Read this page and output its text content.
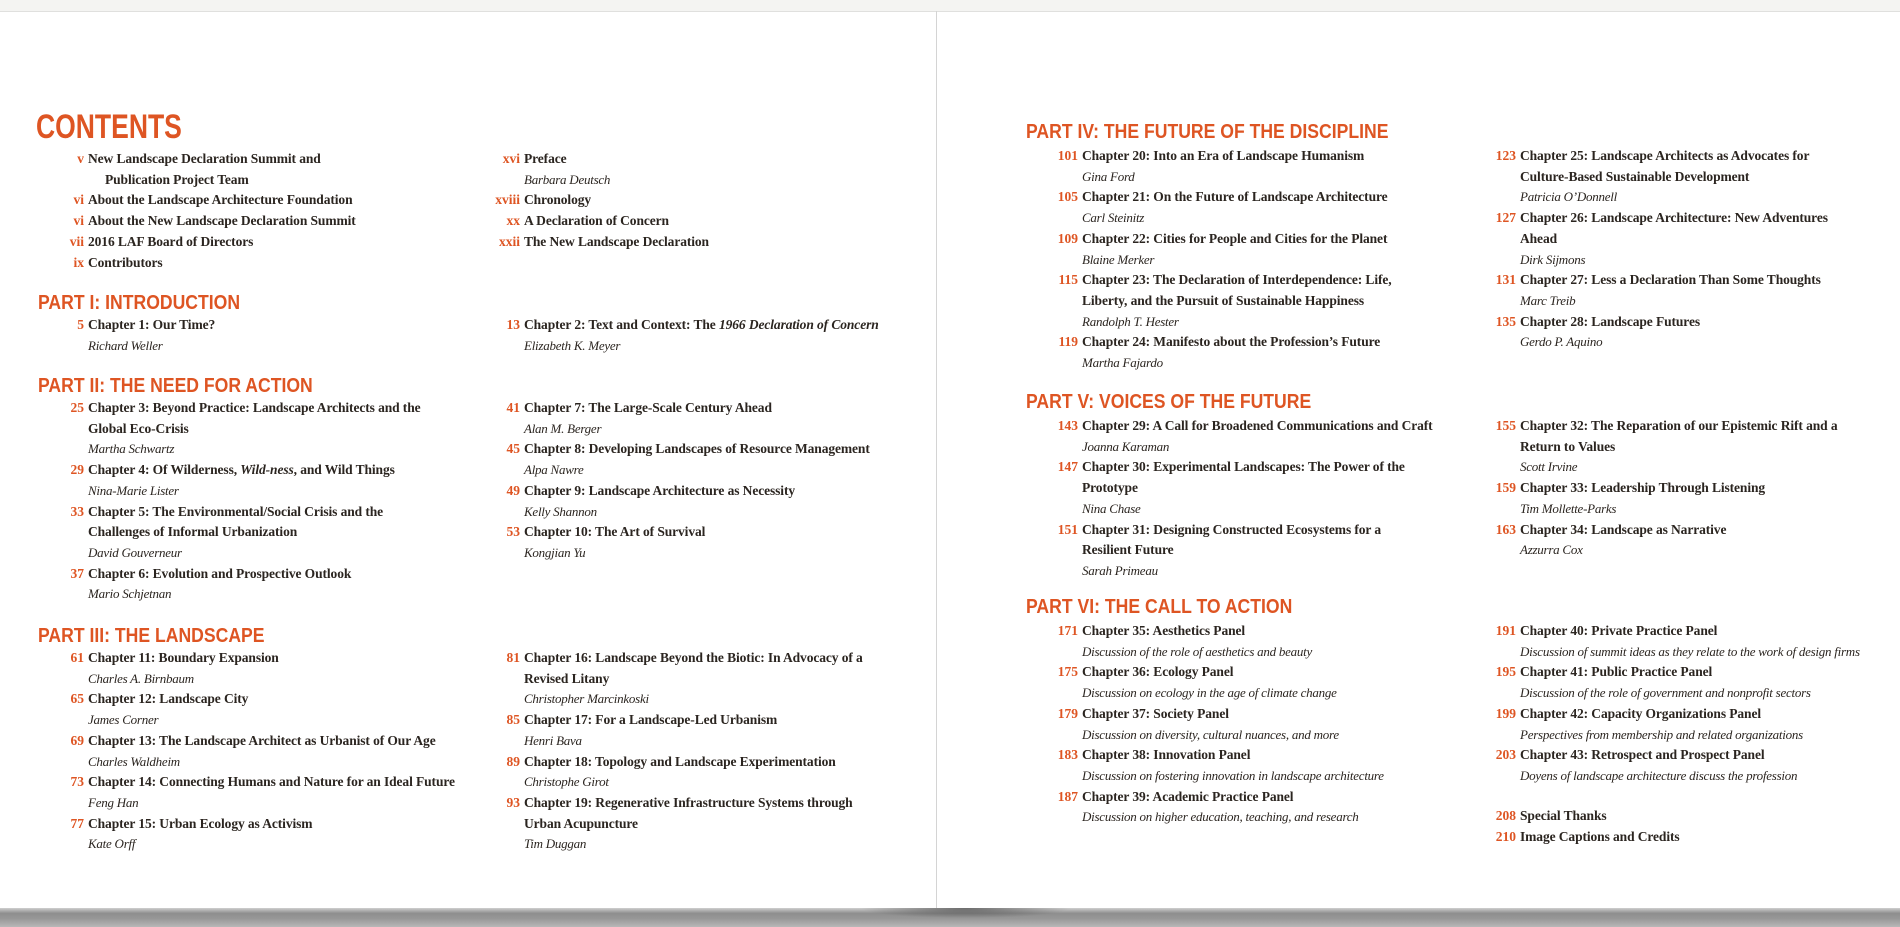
CONTENTS
v New Landscape Declaration Summit and
Publication Project Team
vi About the Landscape Architecture Foundation
vi About the New Landscape Declaration Summit
vii 2016 LAF Board of Directors
ix Contributors
xvi Preface
Barbara Deutsch
xviii Chronology
xx A Declaration of Concern
xxii The New Landscape Declaration
PART I: INTRODUCTION
5 Chapter 1: Our Time?
Richard Weller
13 Chapter 2: Text and Context: The 1966 Declaration of Concern
Elizabeth K. Meyer
PART II: THE NEED FOR ACTION
25 Chapter 3: Beyond Practice: Landscape Architects and the
Global Eco-Crisis
Martha Schwartz
29 Chapter 4: Of Wilderness, Wild-ness, and Wild Things
Nina-Marie Lister
33 Chapter 5: The Environmental/Social Crisis and the
Challenges of Informal Urbanization
David Gouverneur
37 Chapter 6: Evolution and Prospective Outlook
Mario Schjetnan
41 Chapter 7: The Large-Scale Century Ahead
Alan M. Berger
45 Chapter 8: Developing Landscapes of Resource Management
Alpa Nawre
49 Chapter 9: Landscape Architecture as Necessity
Kelly Shannon
53 Chapter 10: The Art of Survival
Kongjian Yu
PART III: THE LANDSCAPE
61 Chapter 11: Boundary Expansion
Charles A. Birnbaum
65 Chapter 12: Landscape City
James Corner
69 Chapter 13: The Landscape Architect as Urbanist of Our Age
Charles Waldheim
73 Chapter 14: Connecting Humans and Nature for an Ideal Future
Feng Han
77 Chapter 15: Urban Ecology as Activism
Kate Orff
81 Chapter 16: Landscape Beyond the Biotic: In Advocacy of a
Revised Litany
Christopher Marcinkoski
85 Chapter 17: For a Landscape-Led Urbanism
Henri Bava
89 Chapter 18: Topology and Landscape Experimentation
Christophe Girot
93 Chapter 19: Regenerative Infrastructure Systems through
Urban Acupuncture
Tim Duggan
PART IV: THE FUTURE OF THE DISCIPLINE
101 Chapter 20: Into an Era of Landscape Humanism
Gina Ford
105 Chapter 21: On the Future of Landscape Architecture
Carl Steinitz
109 Chapter 22: Cities for People and Cities for the Planet
Blaine Merker
115 Chapter 23: The Declaration of Interdependence: Life,
Liberty, and the Pursuit of Sustainable Happiness
Randolph T. Hester
119 Chapter 24: Manifesto about the Profession’s Future
Martha Fajardo
123 Chapter 25: Landscape Architects as Advocates for
Culture-Based Sustainable Development
Patricia O’Donnell
127 Chapter 26: Landscape Architecture: New Adventures
Ahead
Dirk Sijmons
131 Chapter 27: Less a Declaration Than Some Thoughts
Marc Treib
135 Chapter 28: Landscape Futures
Gerdo P. Aquino
PART V: VOICES OF THE FUTURE
143 Chapter 29: A Call for Broadened Communications and Craft
Joanna Karaman
147 Chapter 30: Experimental Landscapes: The Power of the
Prototype
Nina Chase
151 Chapter 31: Designing Constructed Ecosystems for a
Resilient Future
Sarah Primeau
155 Chapter 32: The Reparation of our Epistemic Rift and a
Return to Values
Scott Irvine
159 Chapter 33: Leadership Through Listening
Tim Mollette-Parks
163 Chapter 34: Landscape as Narrative
Azzurra Cox
PART VI: THE CALL TO ACTION
171 Chapter 35: Aesthetics Panel
Discussion of the role of aesthetics and beauty
175 Chapter 36: Ecology Panel
Discussion on ecology in the age of climate change
179 Chapter 37: Society Panel
Discussion on diversity, cultural nuances, and more
183 Chapter 38: Innovation Panel
Discussion on fostering innovation in landscape architecture
187 Chapter 39: Academic Practice Panel
Discussion on higher education, teaching, and research
191 Chapter 40: Private Practice Panel
Discussion of summit ideas as they relate to the work of design firms
195 Chapter 41: Public Practice Panel
Discussion of the role of government and nonprofit sectors
199 Chapter 42: Capacity Organizations Panel
Perspectives from membership and related organizations
203 Chapter 43: Retrospect and Prospect Panel
Doyens of landscape architecture discuss the profession
208 Special Thanks
210 Image Captions and Credits
